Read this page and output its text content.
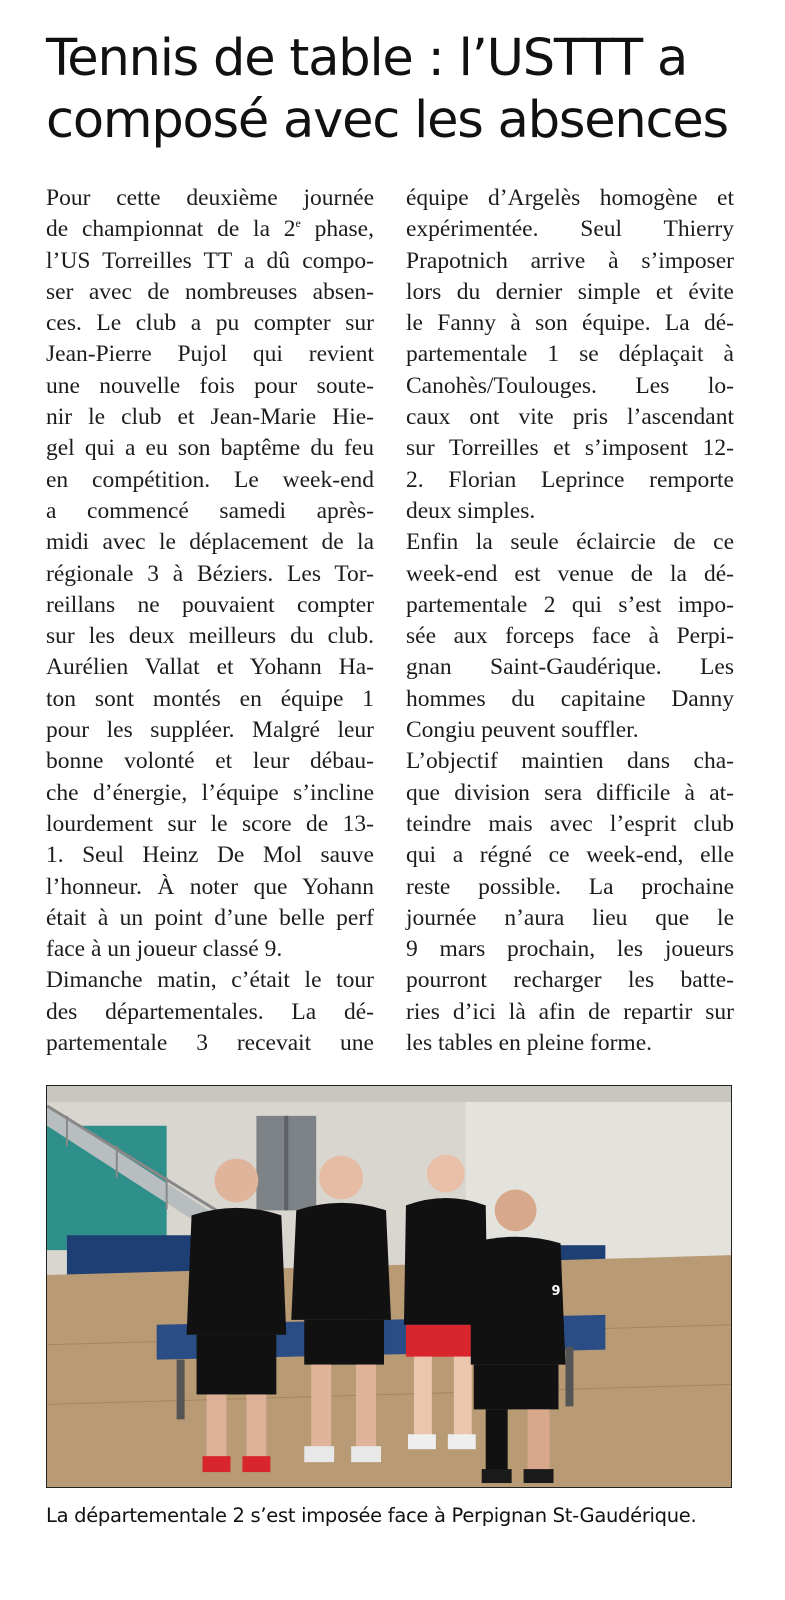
Tennis de table : l’USTTT a
composé avec les absences
Pour cette deuxième journée
de championnat de la 2e phase,
l’US Torreilles TT a dû compo-
ser avec de nombreuses absen-
ces. Le club a pu compter sur
Jean-Pierre Pujol qui revient
une nouvelle fois pour soute-
nir le club et Jean-Marie Hie-
gel qui a eu son baptême du feu
en compétition. Le week-end
a commencé samedi après-
midi avec le déplacement de la
régionale 3 à Béziers. Les Tor-
reillans ne pouvaient compter
sur les deux meilleurs du club.
Aurélien Vallat et Yohann Ha-
ton sont montés en équipe 1
pour les suppléer. Malgré leur
bonne volonté et leur débau-
che d’énergie, l’équipe s’incline
lourdement sur le score de 13-
1. Seul Heinz De Mol sauve
l’honneur. À noter que Yohann
était à un point d’une belle perf
face à un joueur classé 9.
Dimanche matin, c’était le tour
des départementales. La dé-
partementale 3 recevait une
équipe d’Argelès homogène et
expérimentée. Seul Thierry
Prapotnich arrive à s’imposer
lors du dernier simple et évite
le Fanny à son équipe. La dé-
partementale 1 se déplaçait à
Canohès/Toulouges. Les lo-
caux ont vite pris l’ascendant
sur Torreilles et s’imposent 12-
2. Florian Leprince remporte
deux simples.
Enfin la seule éclaircie de ce
week-end est venue de la dé-
partementale 2 qui s’est impo-
sée aux forceps face à Perpi-
gnan Saint-Gaudérique. Les
hommes du capitaine Danny
Congiu peuvent souffler.
L’objectif maintien dans cha-
que division sera difficile à at-
teindre mais avec l’esprit club
qui a régné ce week-end, elle
reste possible. La prochaine
journée n’aura lieu que le
9 mars prochain, les joueurs
pourront recharger les batte-
ries d’ici là afin de repartir sur
les tables en pleine forme.
9

La départementale 2 s’est imposée face à Perpignan St-Gaudérique.
